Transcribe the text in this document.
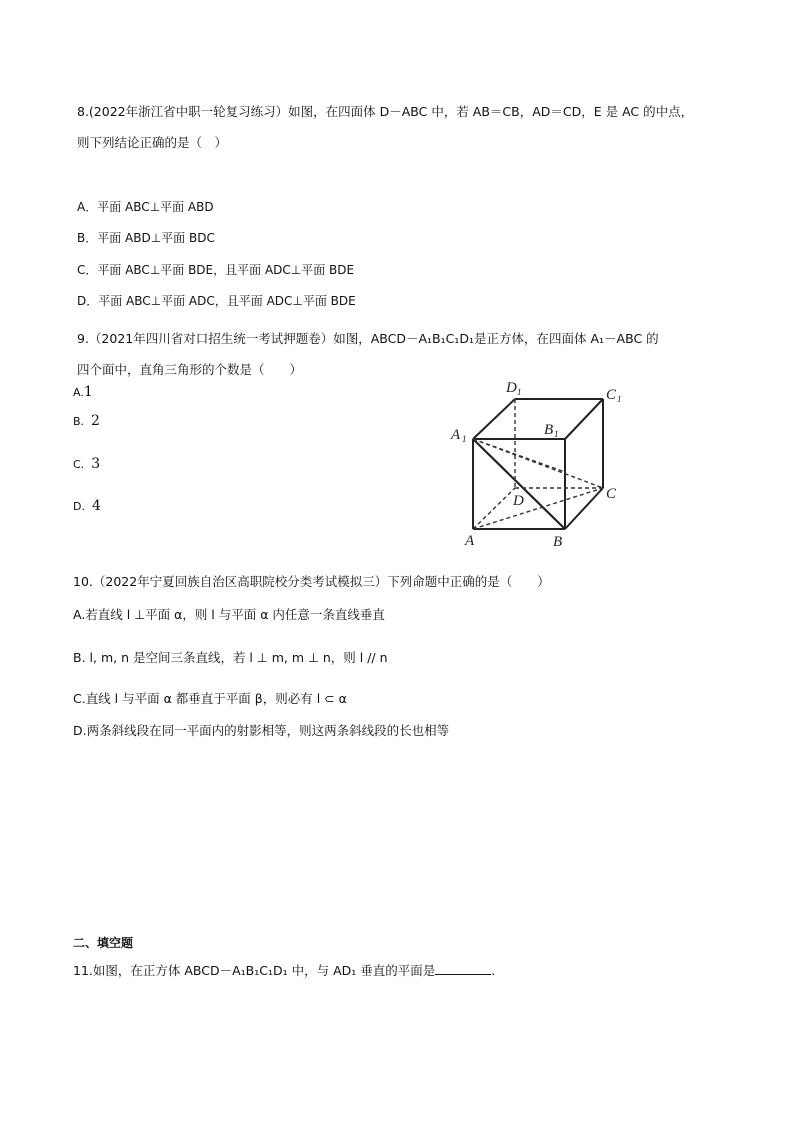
8.(2022年浙江省中职一轮复习练习）如图，在四面体 D－ABC 中，若 AB＝CB，AD＝CD，E 是 AC 的中点，
则下列结论正确的是（　）
A．平面 ABC⊥平面 ABD
B．平面 ABD⊥平面 BDC
C．平面 ABC⊥平面 BDE，且平面 ADC⊥平面 BDE
D．平面 ABC⊥平面 ADC，且平面 ADC⊥平面 BDE
9.（2021年四川省对口招生统一考试押题卷）如图，ABCD－A₁B₁C₁D₁是正方体，在四面体 A₁－ABC 的
四个面中，直角三角形的个数是（　　）
A.1
B. 2
C. 3
D. 4
D 1	C 1
A 1
B 1
D	C
A	B
10.（2022年宁夏回族自治区高职院校分类考试模拟三）下列命题中正确的是（　　）
A.若直线 l ⊥平面 α，则 l 与平面 α 内任意一条直线垂直
B. l, m, n 是空间三条直线，若 l ⊥ m, m ⊥ n，则 l // n
C.直线 l 与平面 α 都垂直于平面 β，则必有 l ⊂ α
D.两条斜线段在同一平面内的射影相等，则这两条斜线段的长也相等
二、填空题
11.如图，在正方体 ABCD－A₁B₁C₁D₁ 中，与 AD₁ 垂直的平面是	.
